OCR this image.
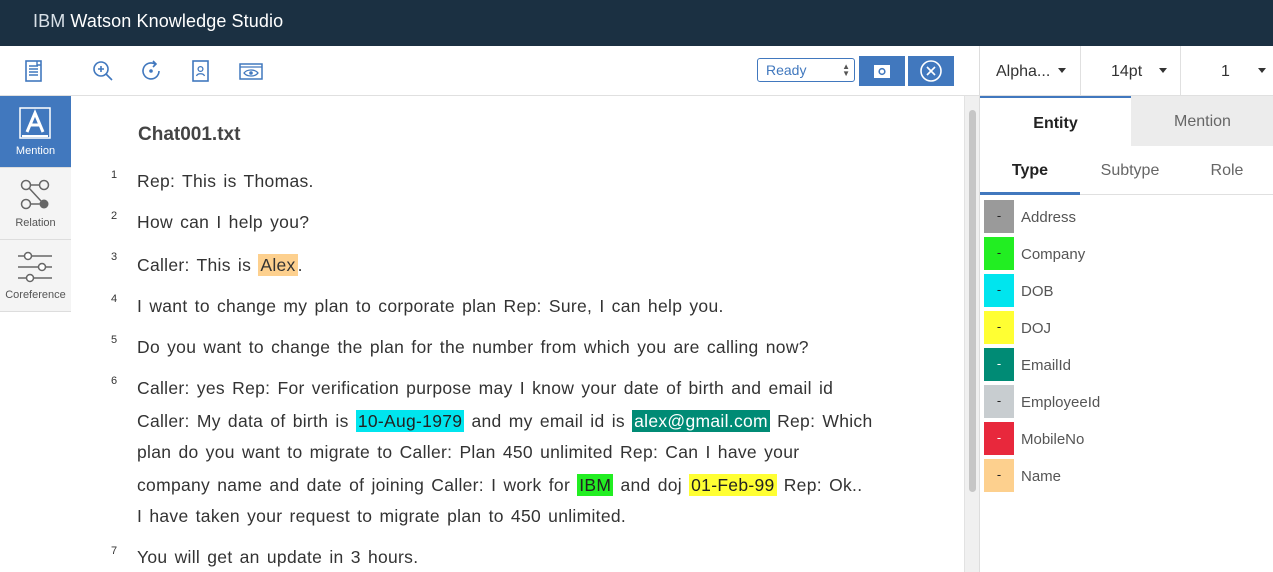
IBM Watson Knowledge Studio
Ready	▲
▼	Alpha...	14pt	1
Mention
Relation
Coreference
Chat001.txt
1 Rep: This is Thomas.
2 How can I help you?
3 Caller: This is Alex .
4 I want to change my plan to corporate plan Rep: Sure, I can help you.
5 Do you want to change the plan for the number from which you are calling now?
6 Caller: yes Rep: For verification purpose may I know your date of birth and email id
Caller: My data of birth is 10-Aug-1979 and my email id is alex@gmail.com Rep: Which
plan do you want to migrate to Caller: Plan 450 unlimited Rep: Can I have your
company name and date of joining Caller: I work for IBM and doj 01-Feb-99 Rep: Ok..
I have taken your request to migrate plan to 450 unlimited.
7 You will get an update in 3 hours.
Entity	Mention
Type	Subtype	Role
-	Address
-	Company
-	DOB
-	DOJ
-	EmailId
-	EmployeeId
-	MobileNo
-	Name
